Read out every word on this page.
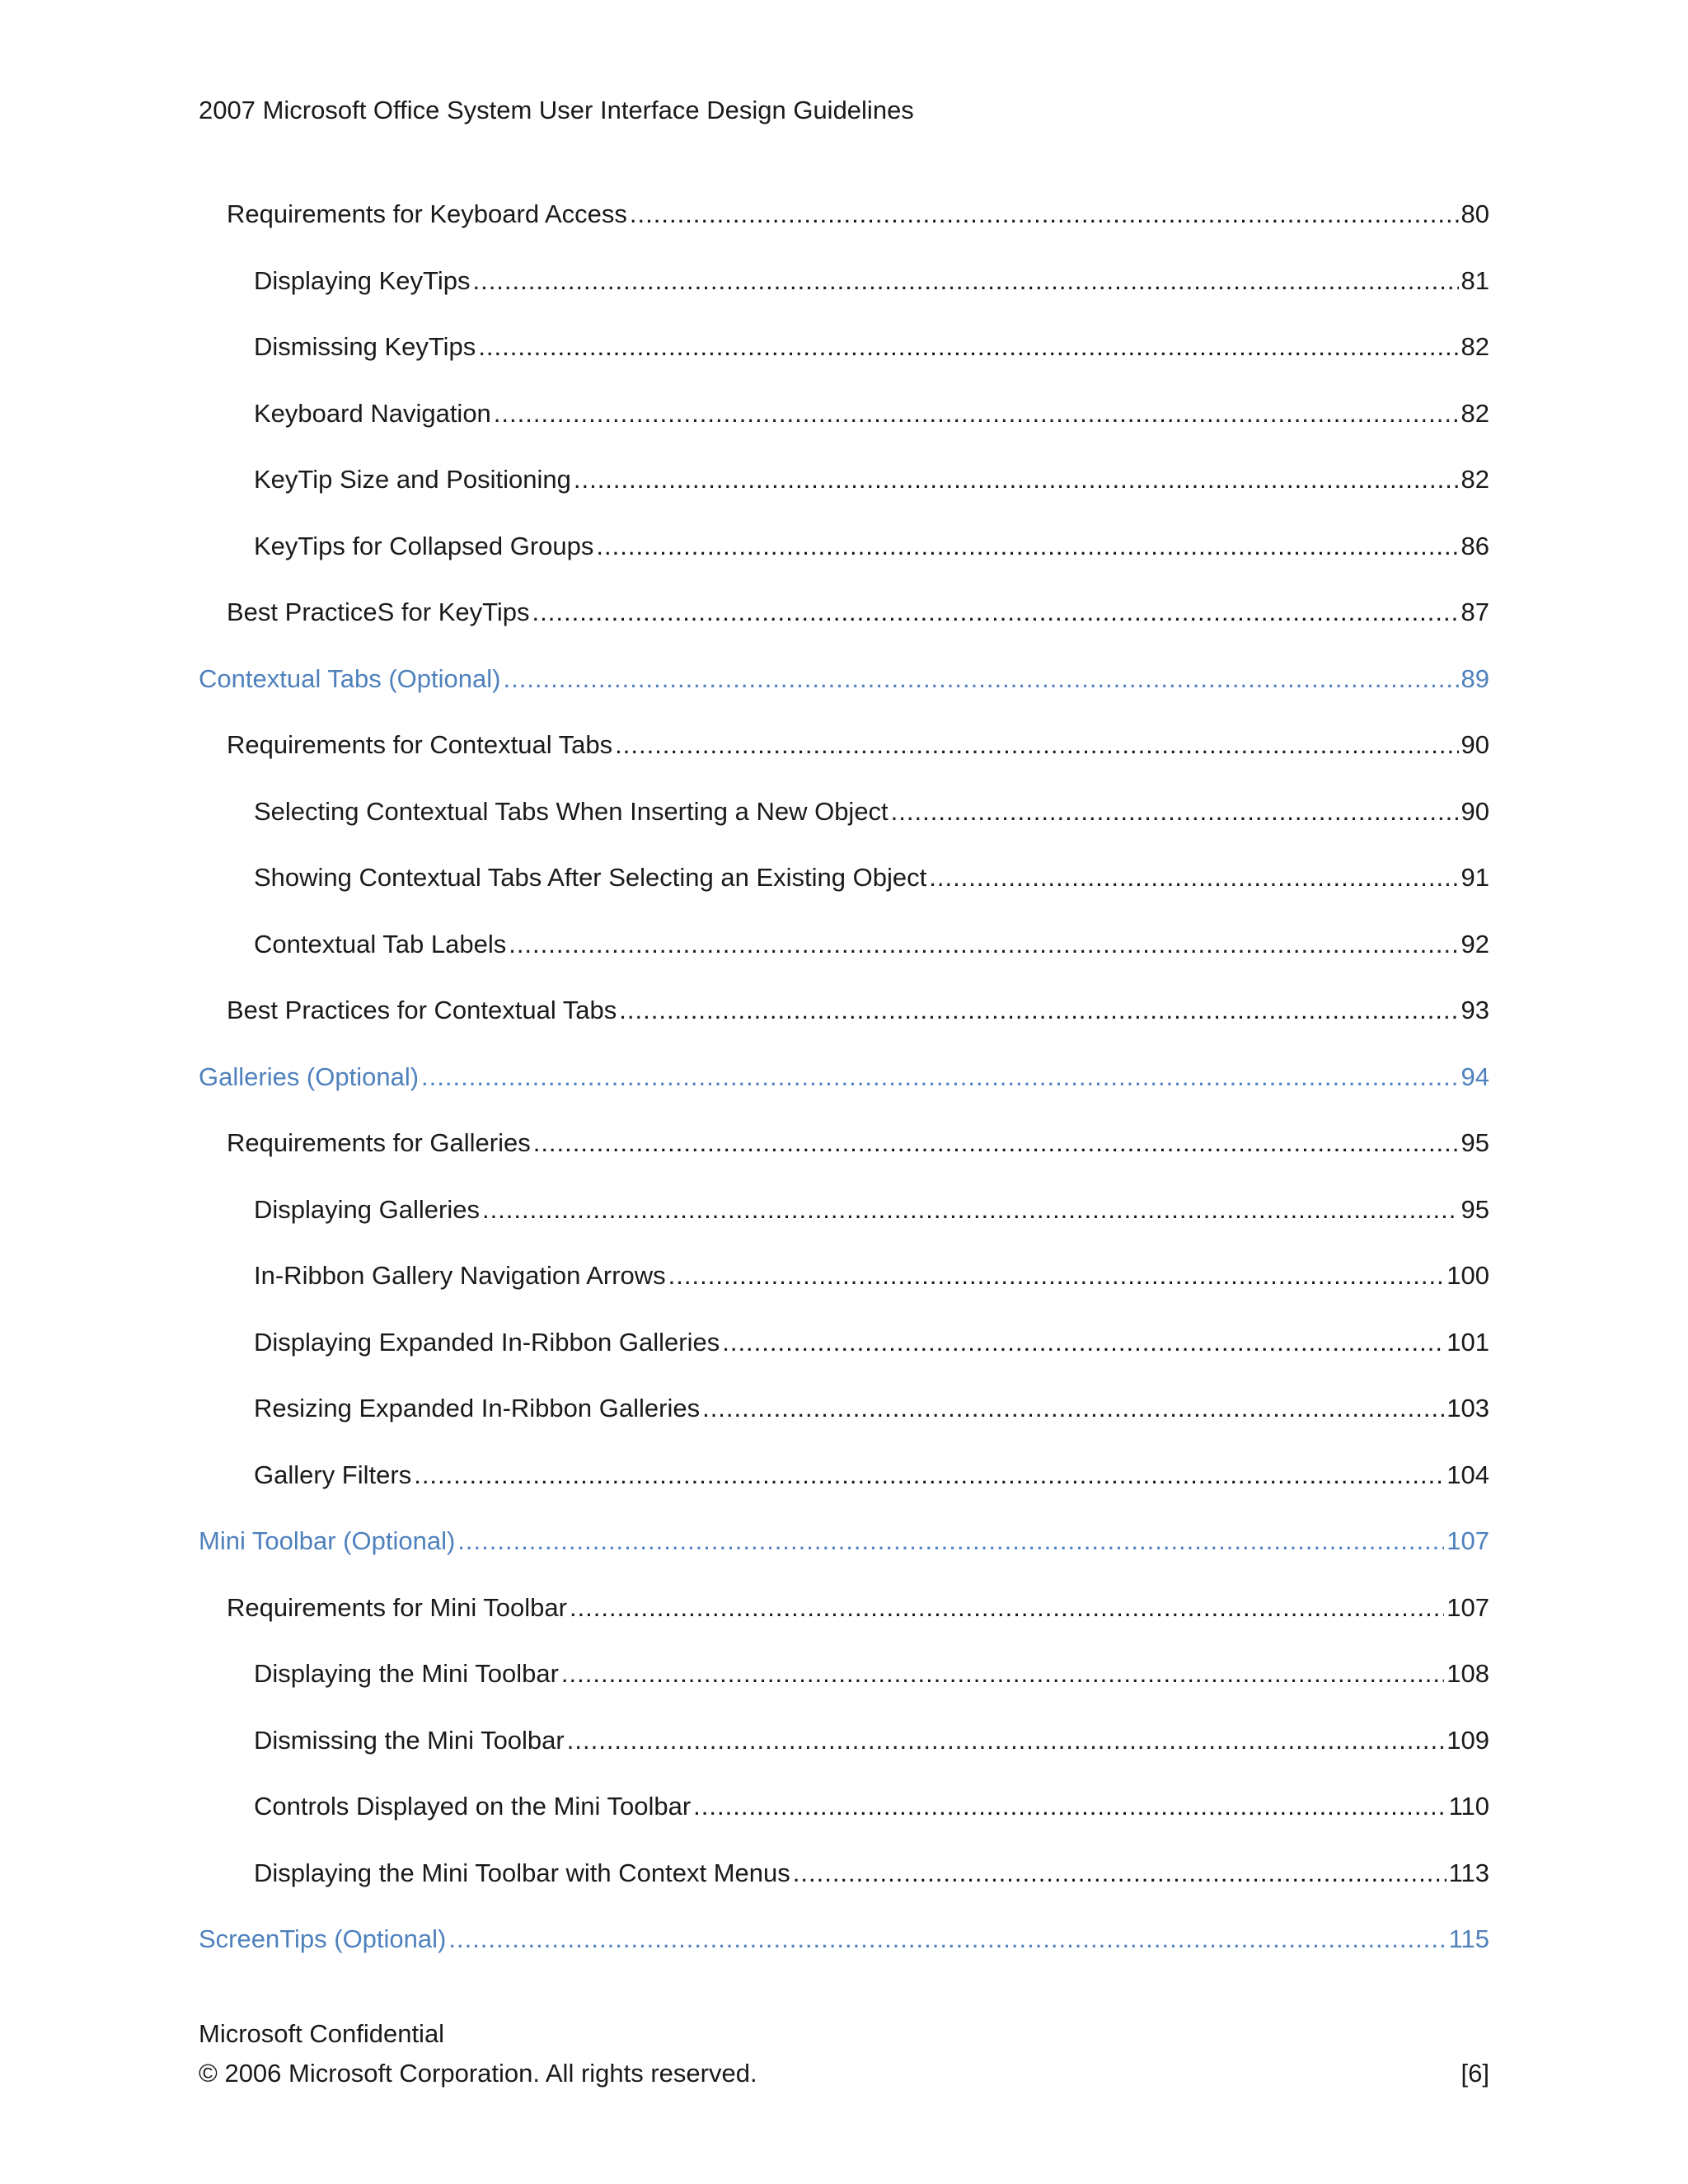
2007 Microsoft Office System User Interface Design Guidelines
Requirements for Keyboard Access .....	80
Displaying KeyTips .....	81
Dismissing KeyTips .....	82
Keyboard Navigation .....	82
KeyTip Size and Positioning .....	82
KeyTips for Collapsed Groups .....	86
Best PracticeS for KeyTips .....	87
Contextual Tabs (Optional) .....	89
Requirements for Contextual Tabs .....	90
Selecting Contextual Tabs When Inserting a New Object .....	90
Showing Contextual Tabs After Selecting an Existing Object .....	91
Contextual Tab Labels .....	92
Best Practices for Contextual Tabs .....	93
Galleries (Optional) .....	94
Requirements for Galleries .....	95
Displaying Galleries .....	95
In-Ribbon Gallery Navigation Arrows .....	100
Displaying Expanded In-Ribbon Galleries .....	101
Resizing Expanded In-Ribbon Galleries .....	103
Gallery Filters .....	104
Mini Toolbar (Optional) .....	107
Requirements for Mini Toolbar .....	107
Displaying the Mini Toolbar .....	108
Dismissing the Mini Toolbar .....	109
Controls Displayed on the Mini Toolbar .....	110
Displaying the Mini Toolbar with Context Menus .....	113
ScreenTips (Optional) .....	115
Microsoft Confidential
© 2006 Microsoft Corporation. All rights reserved.	[6]
